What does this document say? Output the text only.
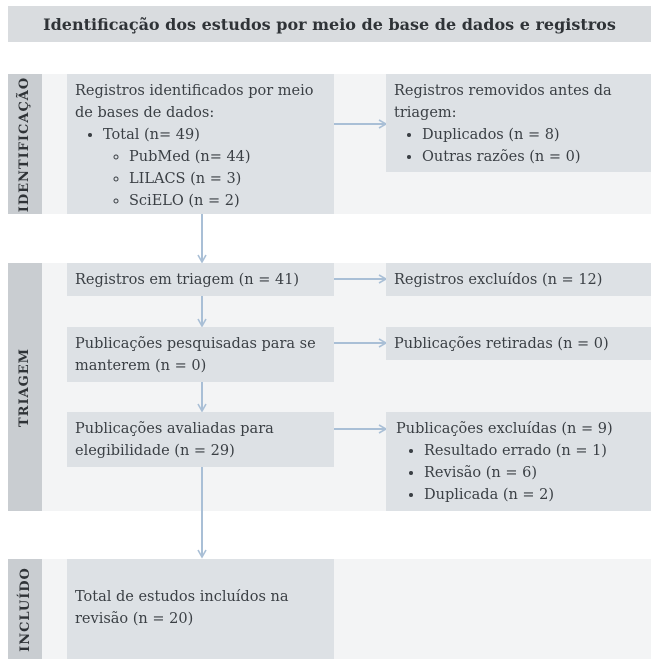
Identificação dos estudos por meio de base de dados e registros
IDENTIFICAÇÃO
TRIAGEM
INCLUÍDO
Registros identificados por meio de bases de dados:
• Total (n= 49)
◦ PubMed (n= 44)
◦ LILACS (n = 3)
◦ SciELO (n = 2)
Registros removidos antes da triagem:
• Duplicados (n = 8)
• Outras razões (n = 0)
Registros em triagem (n = 41)	Registros excluídos (n = 12)
Publicações pesquisadas para se manterem (n = 0)
Publicações retiradas (n = 0)
Publicações avaliadas para elegibilidade (n = 29)
Publicações excluídas (n = 9)
• Resultado errado (n = 1)
• Revisão (n = 6)
• Duplicada (n = 2)
Total de estudos incluídos na revisão (n = 20)
